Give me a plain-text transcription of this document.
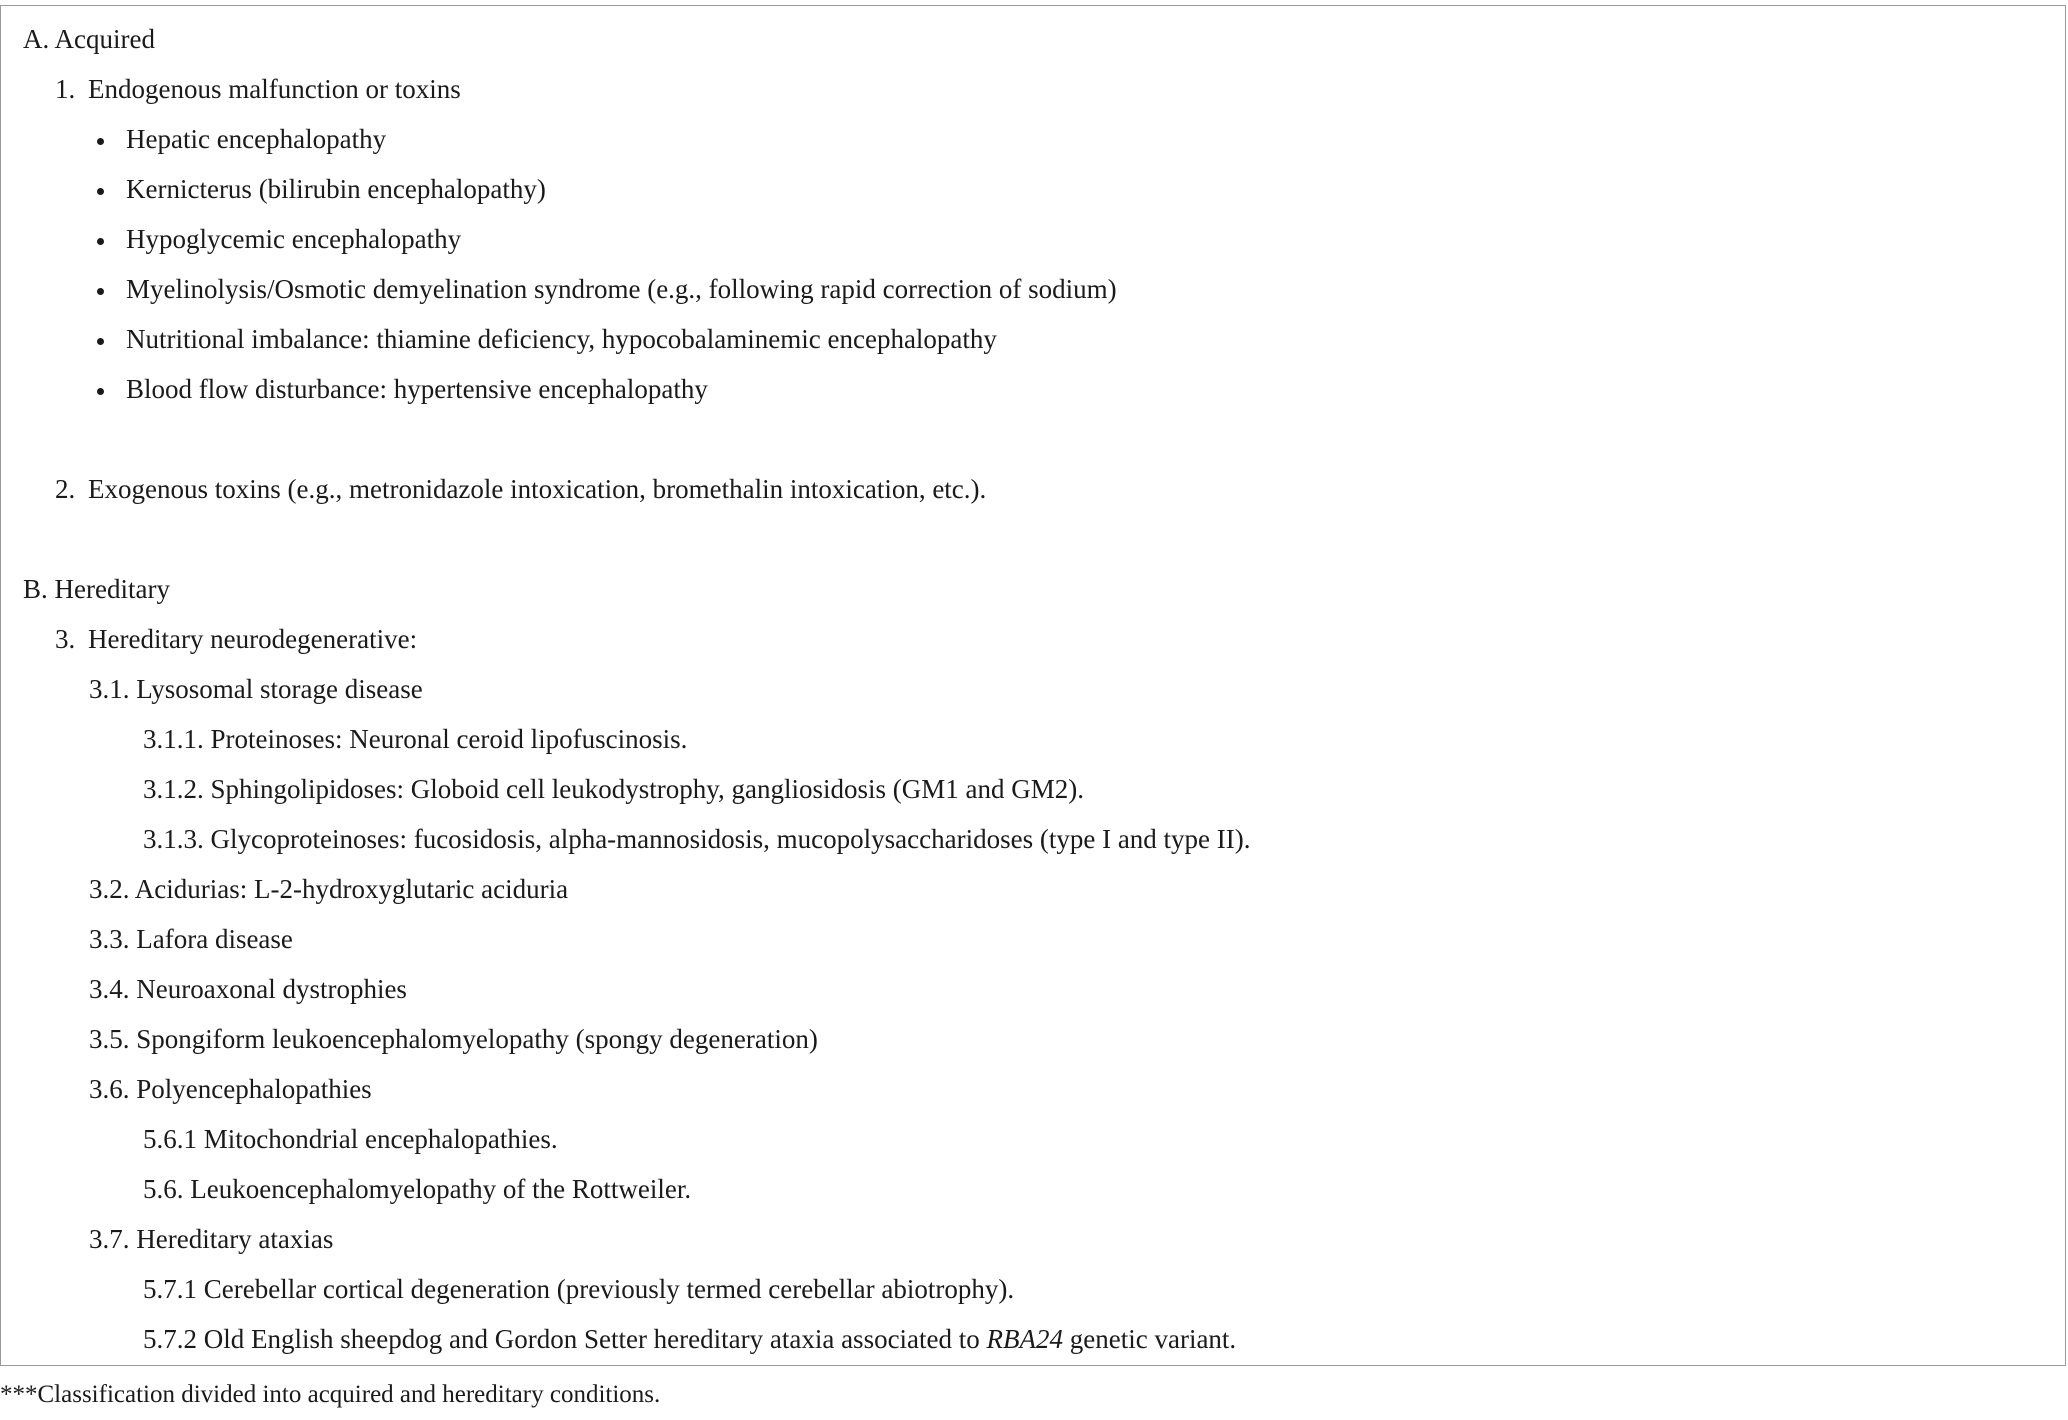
A. Acquired
1. Endogenous malfunction or toxins
Hepatic encephalopathy
Kernicterus (bilirubin encephalopathy)
Hypoglycemic encephalopathy
Myelinolysis/Osmotic demyelination syndrome (e.g., following rapid correction of sodium)
Nutritional imbalance: thiamine deficiency, hypocobalaminemic encephalopathy
Blood flow disturbance: hypertensive encephalopathy
2. Exogenous toxins (e.g., metronidazole intoxication, bromethalin intoxication, etc.).
B. Hereditary
3. Hereditary neurodegenerative:
3.1. Lysosomal storage disease
3.1.1. Proteinoses: Neuronal ceroid lipofuscinosis.
3.1.2. Sphingolipidoses: Globoid cell leukodystrophy, gangliosidosis (GM1 and GM2).
3.1.3. Glycoproteinoses: fucosidosis, alpha-mannosidosis, mucopolysaccharidoses (type I and type II).
3.2. Acidurias: L-2-hydroxyglutaric aciduria
3.3. Lafora disease
3.4. Neuroaxonal dystrophies
3.5. Spongiform leukoencephalomyelopathy (spongy degeneration)
3.6. Polyencephalopathies
5.6.1 Mitochondrial encephalopathies.
5.6. Leukoencephalomyelopathy of the Rottweiler.
3.7. Hereditary ataxias
5.7.1 Cerebellar cortical degeneration (previously termed cerebellar abiotrophy).
5.7.2 Old English sheepdog and Gordon Setter hereditary ataxia associated to RBA24 genetic variant.
***Classification divided into acquired and hereditary conditions.
